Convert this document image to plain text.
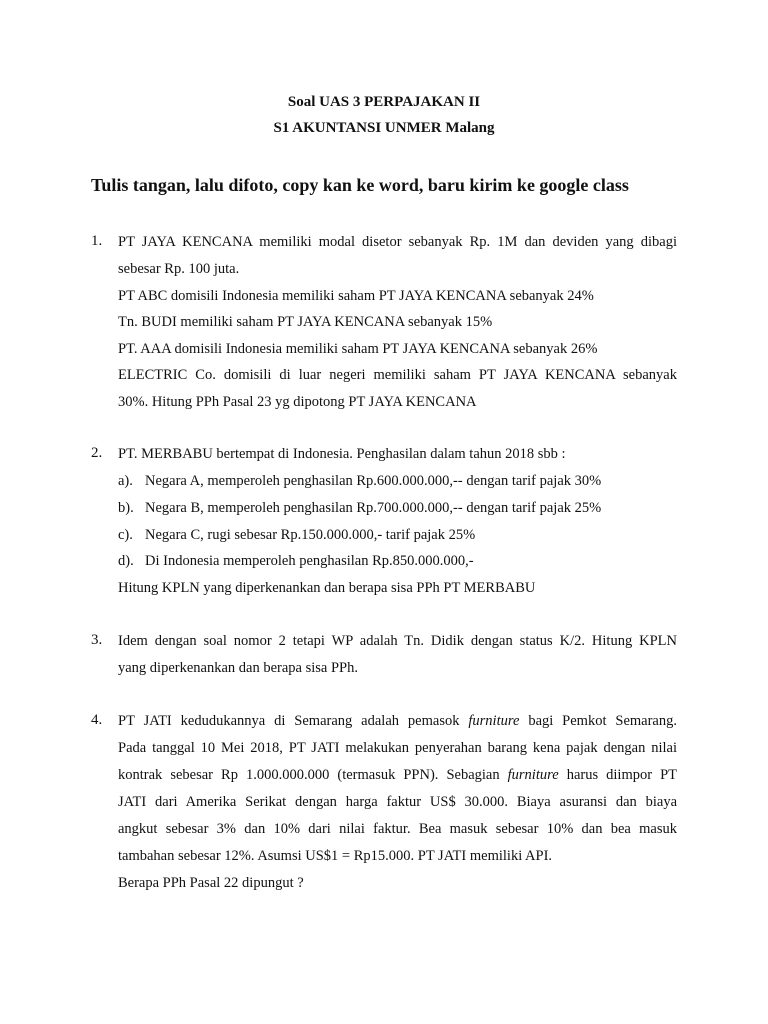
Soal UAS 3 PERPAJAKAN II
S1 AKUNTANSI UNMER Malang
Tulis tangan, lalu difoto, copy kan ke word, baru kirim ke google class
1. PT JAYA KENCANA memiliki modal disetor sebanyak Rp. 1M dan deviden yang dibagi
sebesar Rp. 100 juta.
PT ABC domisili Indonesia memiliki saham PT JAYA KENCANA sebanyak 24%
Tn. BUDI memiliki saham PT JAYA KENCANA sebanyak 15%
PT. AAA domisili Indonesia memiliki saham PT JAYA KENCANA sebanyak 26%
ELECTRIC Co. domisili di luar negeri memiliki saham PT JAYA KENCANA sebanyak
30%. Hitung PPh Pasal 23 yg dipotong PT JAYA KENCANA
2. PT. MERBABU bertempat di Indonesia. Penghasilan dalam tahun 2018 sbb :
a). Negara A, memperoleh penghasilan Rp.600.000.000,-- dengan tarif pajak 30%
b). Negara B, memperoleh penghasilan Rp.700.000.000,-- dengan tarif pajak 25%
c). Negara C, rugi sebesar Rp.150.000.000,- tarif pajak 25%
d). Di Indonesia memperoleh penghasilan Rp.850.000.000,-
Hitung KPLN yang diperkenankan dan berapa sisa PPh PT MERBABU
3. Idem dengan soal nomor 2 tetapi WP adalah Tn. Didik dengan status K/2. Hitung KPLN
yang diperkenankan dan berapa sisa PPh.
4. PT JATI kedudukannya di Semarang adalah pemasok furniture bagi Pemkot Semarang.
Pada tanggal 10 Mei 2018, PT JATI melakukan penyerahan barang kena pajak dengan nilai
kontrak sebesar Rp 1.000.000.000 (termasuk PPN). Sebagian furniture harus diimpor PT
JATI dari Amerika Serikat dengan harga faktur US$ 30.000. Biaya asuransi dan biaya
angkut sebesar 3% dan 10% dari nilai faktur. Bea masuk sebesar 10% dan bea masuk
tambahan sebesar 12%. Asumsi US$1 = Rp15.000. PT JATI memiliki API.
Berapa PPh Pasal 22 dipungut ?
